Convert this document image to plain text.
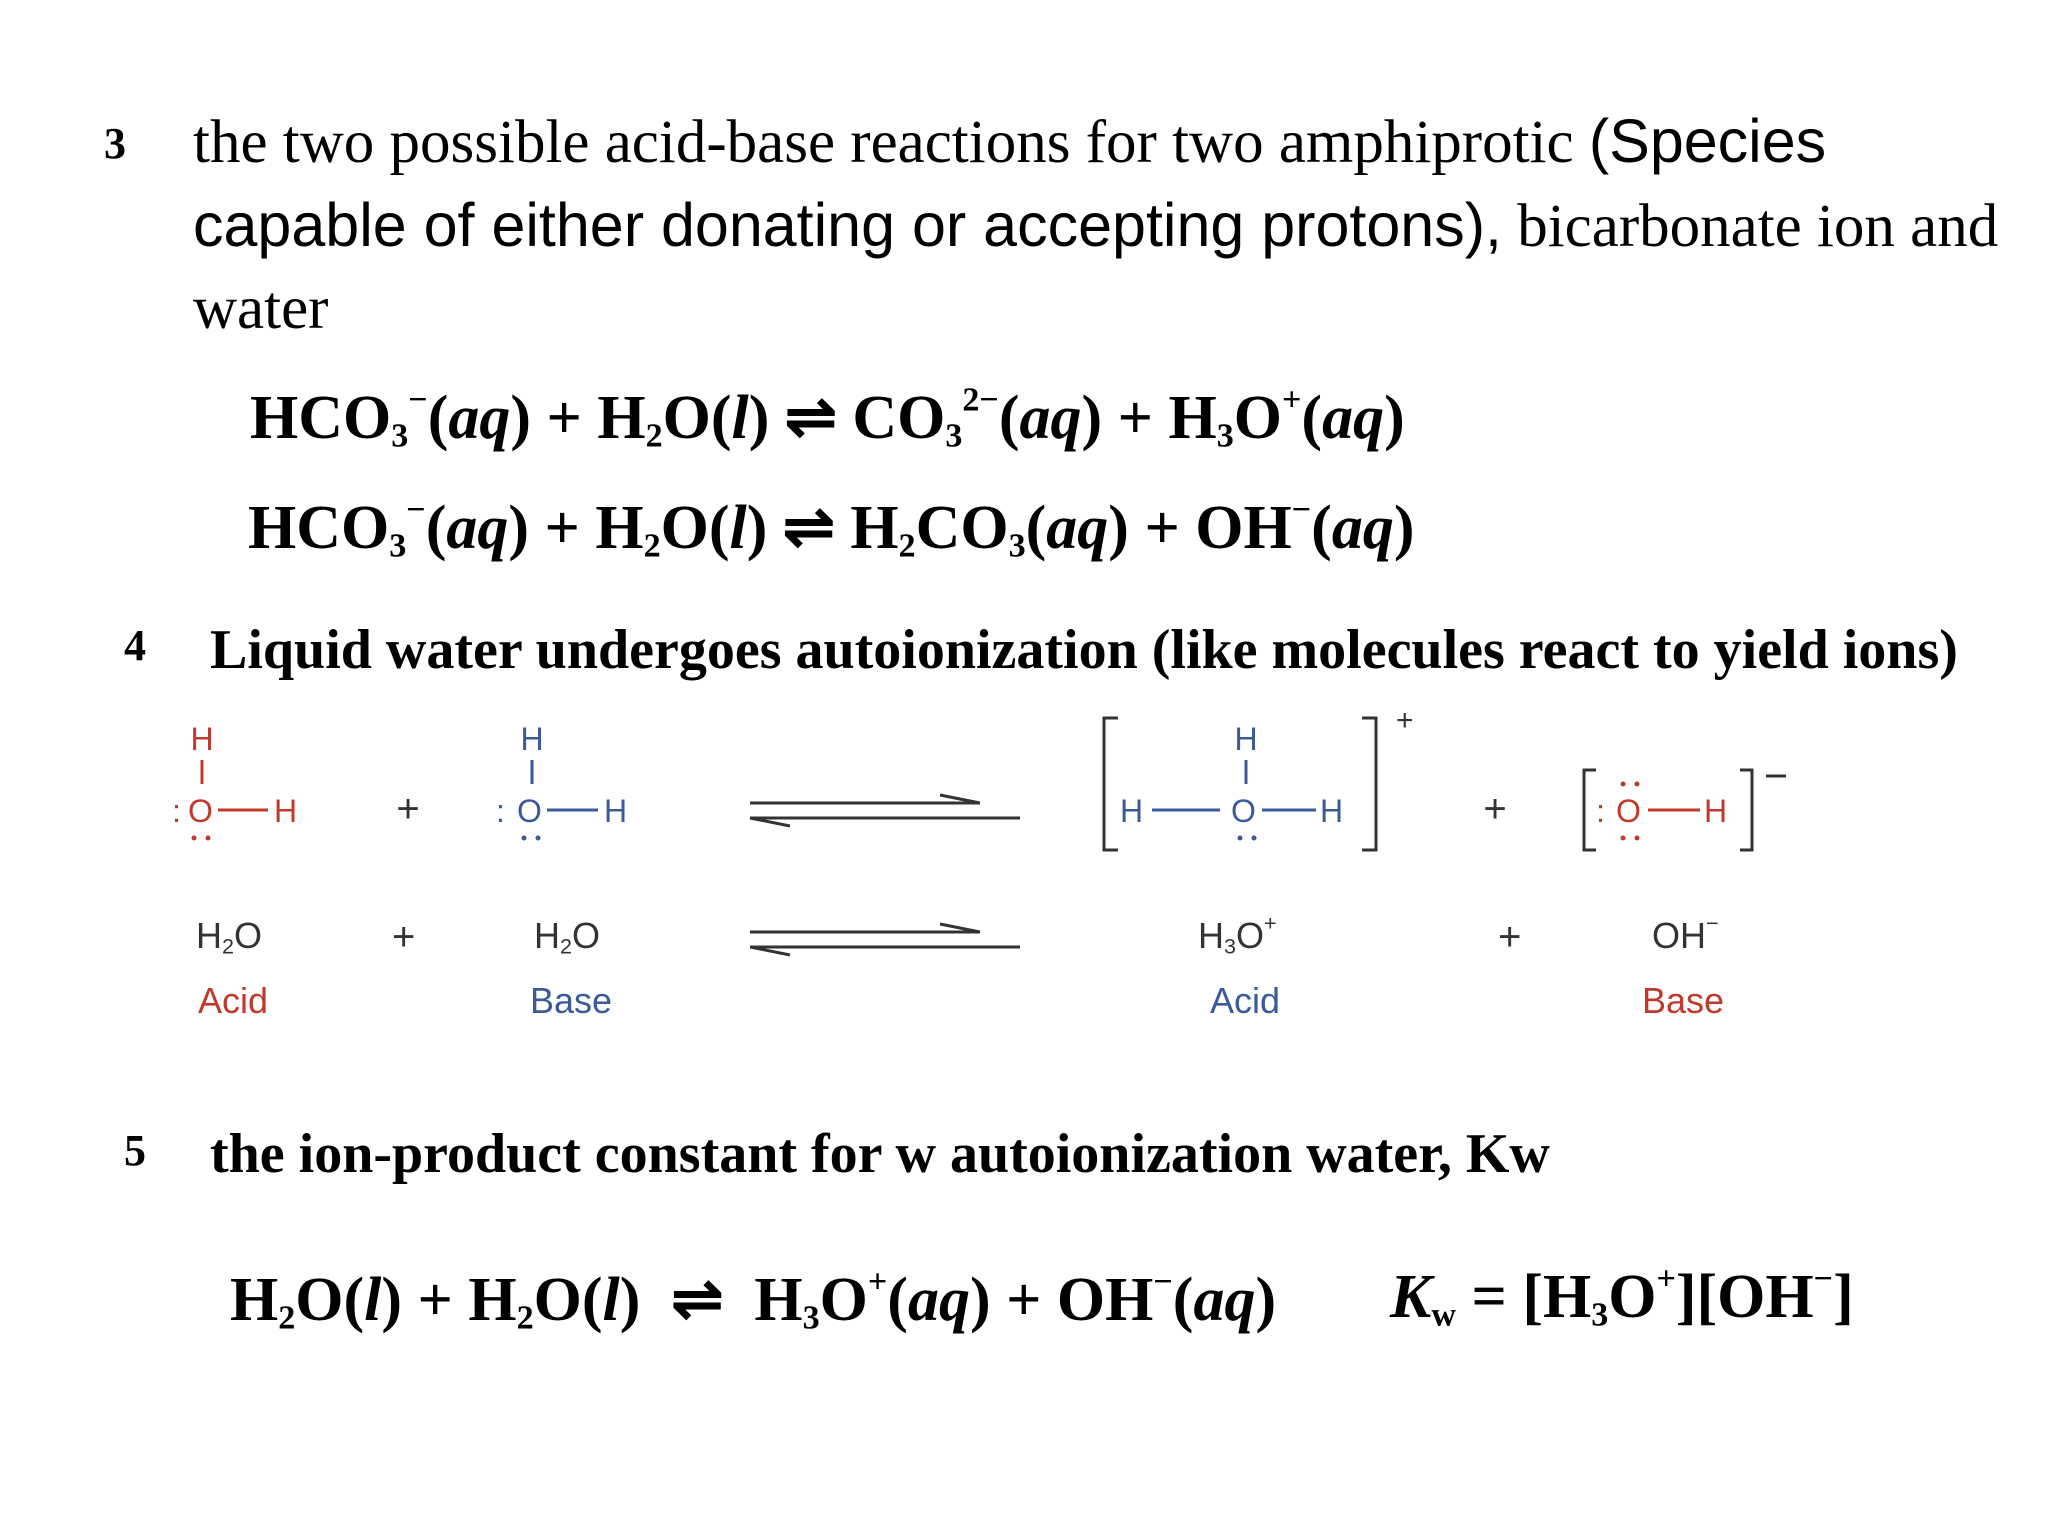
3 the two possible acid-base reactions for two amphiprotic (Species capable of either donating or accepting protons), bicarbonate ion and water
$HCO_3^-(aq) + H_2O(l)$ ⇌ $CO_3^{2-}(aq) + H_3O^+(aq)$
$HCO_3^-(aq) + H_2O(l)$ ⇌ $H_2CO_3(aq) + OH^-(aq)$
4 Liquid water undergoes autoionization (like molecules react to yield ions)
H
: O H +
H
: O H
H
H	O H
+
+	: O H
$H_2O$	+	$H_2O$	$H_3O^+$	+	OH−
Acid	Base	Acid	Base
5 the ion-product constant for w autoionization water, Kw
$H_2O(l) + H_2O(l)$  ⇌  $H_3O^+(aq) + OH^-(aq) K_w = [H_3O^+][OH^-]$
